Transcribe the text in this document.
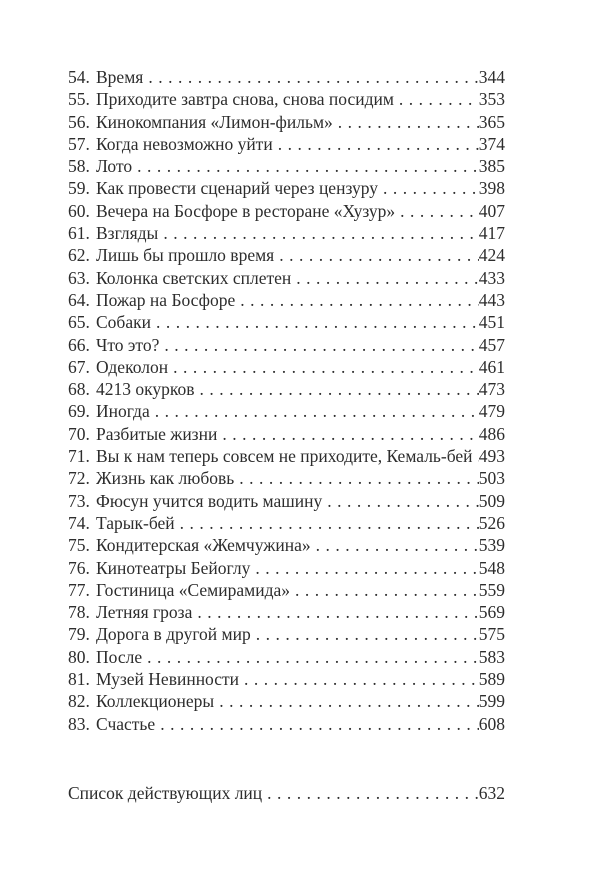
54. Время .....	344
55. Приходите завтра снова, снова посидим .....	353
56. Кинокомпания «Лимон-фильм» .....	365
57. Когда невозможно уйти .....	374
58. Лото .....	385
59. Как провести сценарий через цензуру .....	398
60. Вечера на Босфоре в ресторане «Хузур» .....	407
61. Взгляды .....	417
62. Лишь бы прошло время .....	424
63. Колонка светских сплетен .....	433
64. Пожар на Босфоре .....	443
65. Собаки .....	451
66. Что это? .....	457
67. Одеколон .....	461
68. 4213 окурков .....	473
69. Иногда .....	479
70. Разбитые жизни .....	486
71. Вы к нам теперь совсем не приходите, Кемаль-бей ..... 493
72. Жизнь как любовь .....	503
73. Фюсун учится водить машину .....	509
74. Тарык-бей .....	526
75. Кондитерская «Жемчужина» .....	539
76. Кинотеатры Бейоглу .....	548
77. Гостиница «Семирамида» .....	559
78. Летняя гроза .....	569
79. Дорога в другой мир .....	575
80. После .....	583
81. Музей Невинности .....	589
82. Коллекционеры .....	599
83. Счастье .....	608
Список действующих лиц .....	632
